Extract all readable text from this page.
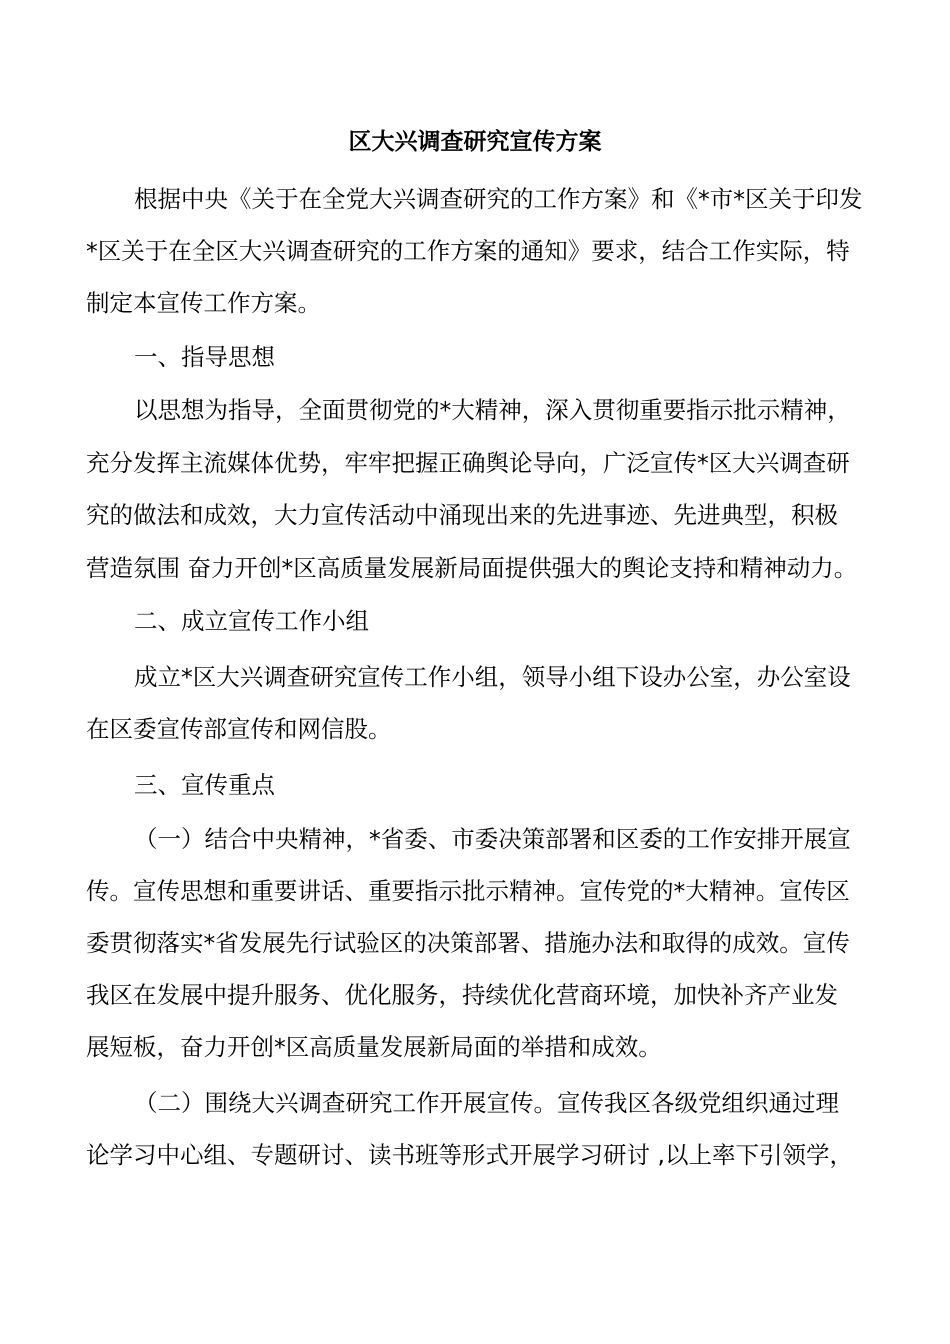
区大兴调查研究宣传方案
根据中央《关于在全党大兴调查研究的工作方案》和《*市*区关于印发
*区关于在全区大兴调查研究的工作方案的通知》要求，结合工作实际，特
制定本宣传工作方案。
一、指导思想
以思想为指导，全面贯彻党的*大精神，深入贯彻重要指示批示精神，
充分发挥主流媒体优势，牢牢把握正确舆论导向，广泛宣传*区大兴调查研
究的做法和成效，大力宣传活动中涌现出来的先进事迹、先进典型，积极
营造氛围 奋力开创*区高质量发展新局面提供强大的舆论支持和精神动力。
二、成立宣传工作小组
成立*区大兴调查研究宣传工作小组，领导小组下设办公室，办公室设
在区委宣传部宣传和网信股。
三、宣传重点
（一）结合中央精神，*省委、市委决策部署和区委的工作安排开展宣
传。宣传思想和重要讲话、重要指示批示精神。宣传党的*大精神。宣传区
委贯彻落实*省发展先行试验区的决策部署、措施办法和取得的成效。宣传
我区在发展中提升服务、优化服务，持续优化营商环境，加快补齐产业发
展短板，奋力开创*区高质量发展新局面的举措和成效。
（二）围绕大兴调查研究工作开展宣传。宣传我区各级党组织通过理
论学习中心组、专题研讨、读书班等形式开展学习研讨 ,以上率下引领学，
